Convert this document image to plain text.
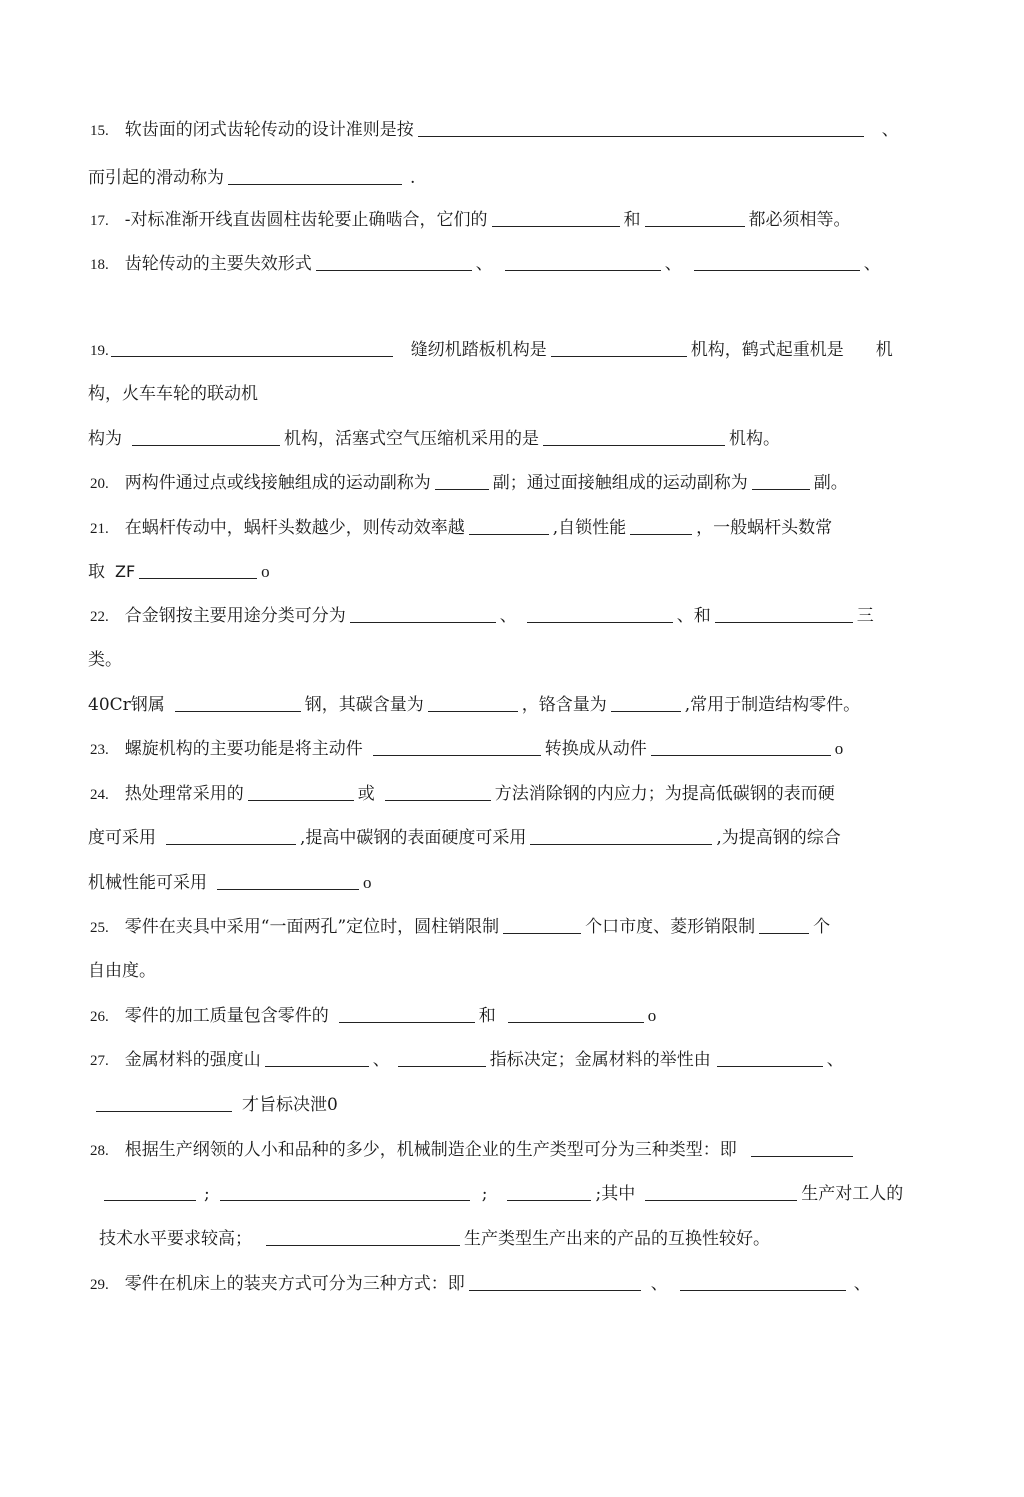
15. 软齿面的闭式齿轮传动的设计准则是按	、
而引起的滑动称为	.
17. -对标准渐开线直齿圆柱齿轮要止确啮合，它们的	和	都必须相等。
18. 齿轮传动的主要失效形式	、	、	、
19.	缝纫机踏板机构是	机构，鹤式起重机是 机
构，火车车轮的联动机
构为	机构，活塞式空气压缩机采用的是	机构。
20. 两构件通过点或线接触组成的运动副称为	副；通过面接触组成的运动副称为	副。
21. 在蜗杆传动中，蜗杆头数越少，则传动效率越	,自锁性能	，一般蜗杆头数常
取 ZF	o
22. 合金钢按主要用途分类可分为	、	、和	三
类。
40Cr钢属	钢，其碳含量为	，铬含量为	,常用于制造结构零件。
23. 螺旋机构的主要功能是将主动件	转换成从动件	o
24. 热处理常采用的	或	方法消除钢的内应力；为提高低碳钢的表而硬
度可采用	,提高中碳钢的表面硬度可采用	,为提高钢的综合
机械性能可采用	o
25. 零件在夹具中采用“一面两孔”定位时，圆柱销限制	个口市度、菱形销限制	个
自由度。
26. 零件的加工质量包含零件的	和	o
27. 金属材料的强度山	、	指标决定；金属材料的举性由	、
才旨标决泄0
28. 根据生产纲领的人小和品种的多少，机械制造企业的生产类型可分为三种类型：即
;	;	;其中	生产对工人的
技术水平要求较高；	生产类型生产出来的产品的互换性较好。
29. 零件在机床上的装夹方式可分为三种方式：即	、	、
